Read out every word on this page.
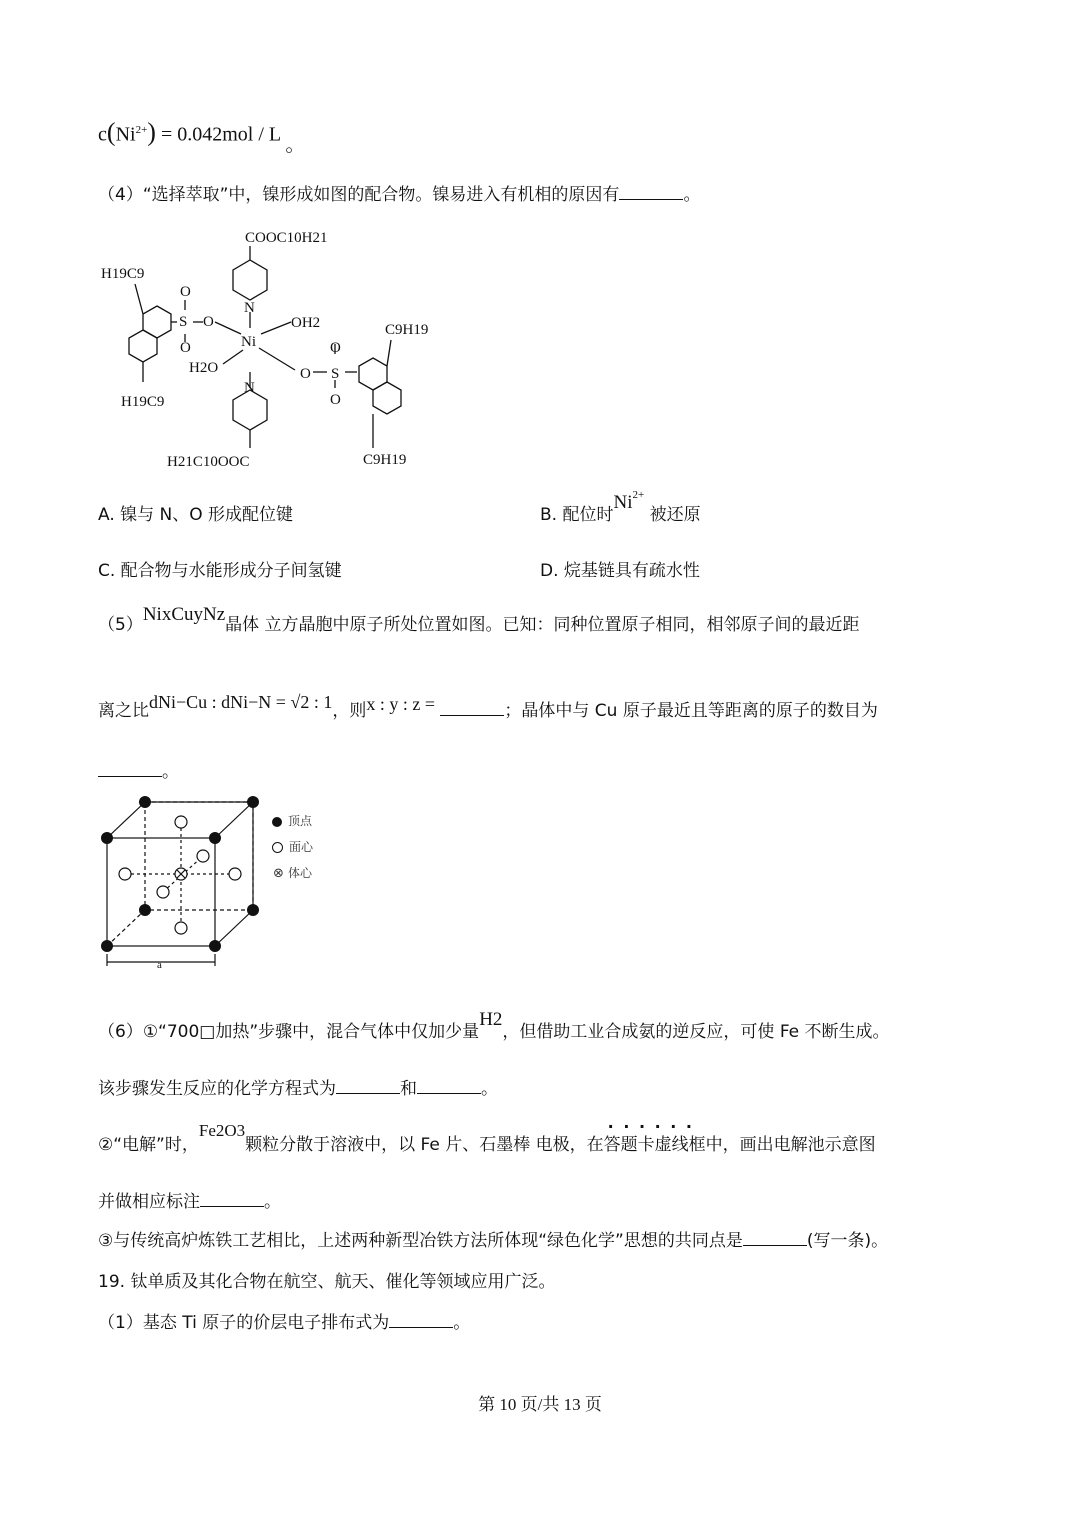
$c(Ni^{2+}) = 0.042mol / L$ 。
（4）“选择萃取”中，镍形成如图的配合物。镍易进入有机相的原因有	。
COOC10H21
N
Ni
OH2
H2O
N
H21C10OOC
H19C9
H19C9
C9H19
C9H19
O
S
O
O
O
S
O
O
A. 镍与 N、O 形成配位键	B. 配位时$Ni^{2+}$ 被还原
C. 配合物与水能形成分子间氢键	D. 烷基链具有疏水性
（5）NixCuyNz晶体 立方晶胞中原子所处位置如图。已知：同种位置原子相同，相邻原子间的最近距
离之比dNi−Cu : dNi−N = √2 : 1，则x : y : z =	；晶体中与 Cu 原子最近且等距离的原子的数目为
。
a
顶点
面心
⊗ 体心
（6）①“700□加热”步骤中，混合气体中仅加少量H2，但借助工业合成氨的逆反应，可使 Fe 不断生成。
该步骤发生反应的化学方程式为	和	。
②“电解”时，Fe2O3颗粒分散于溶液中，以 Fe 片、石墨棒 电极，在· · 答题卡虚线框中，画出电解池示意图
并做相应标注	。
③与传统高炉炼铁工艺相比，上述两种新型冶铁方法所体现“绿色化学”思想的共同点是	(写一条)。
19. 钛单质及其化合物在航空、航天、催化等领域应用广泛。
（1）基态 Ti 原子的价层电子排布式为	。
第 10 页/共 13 页
